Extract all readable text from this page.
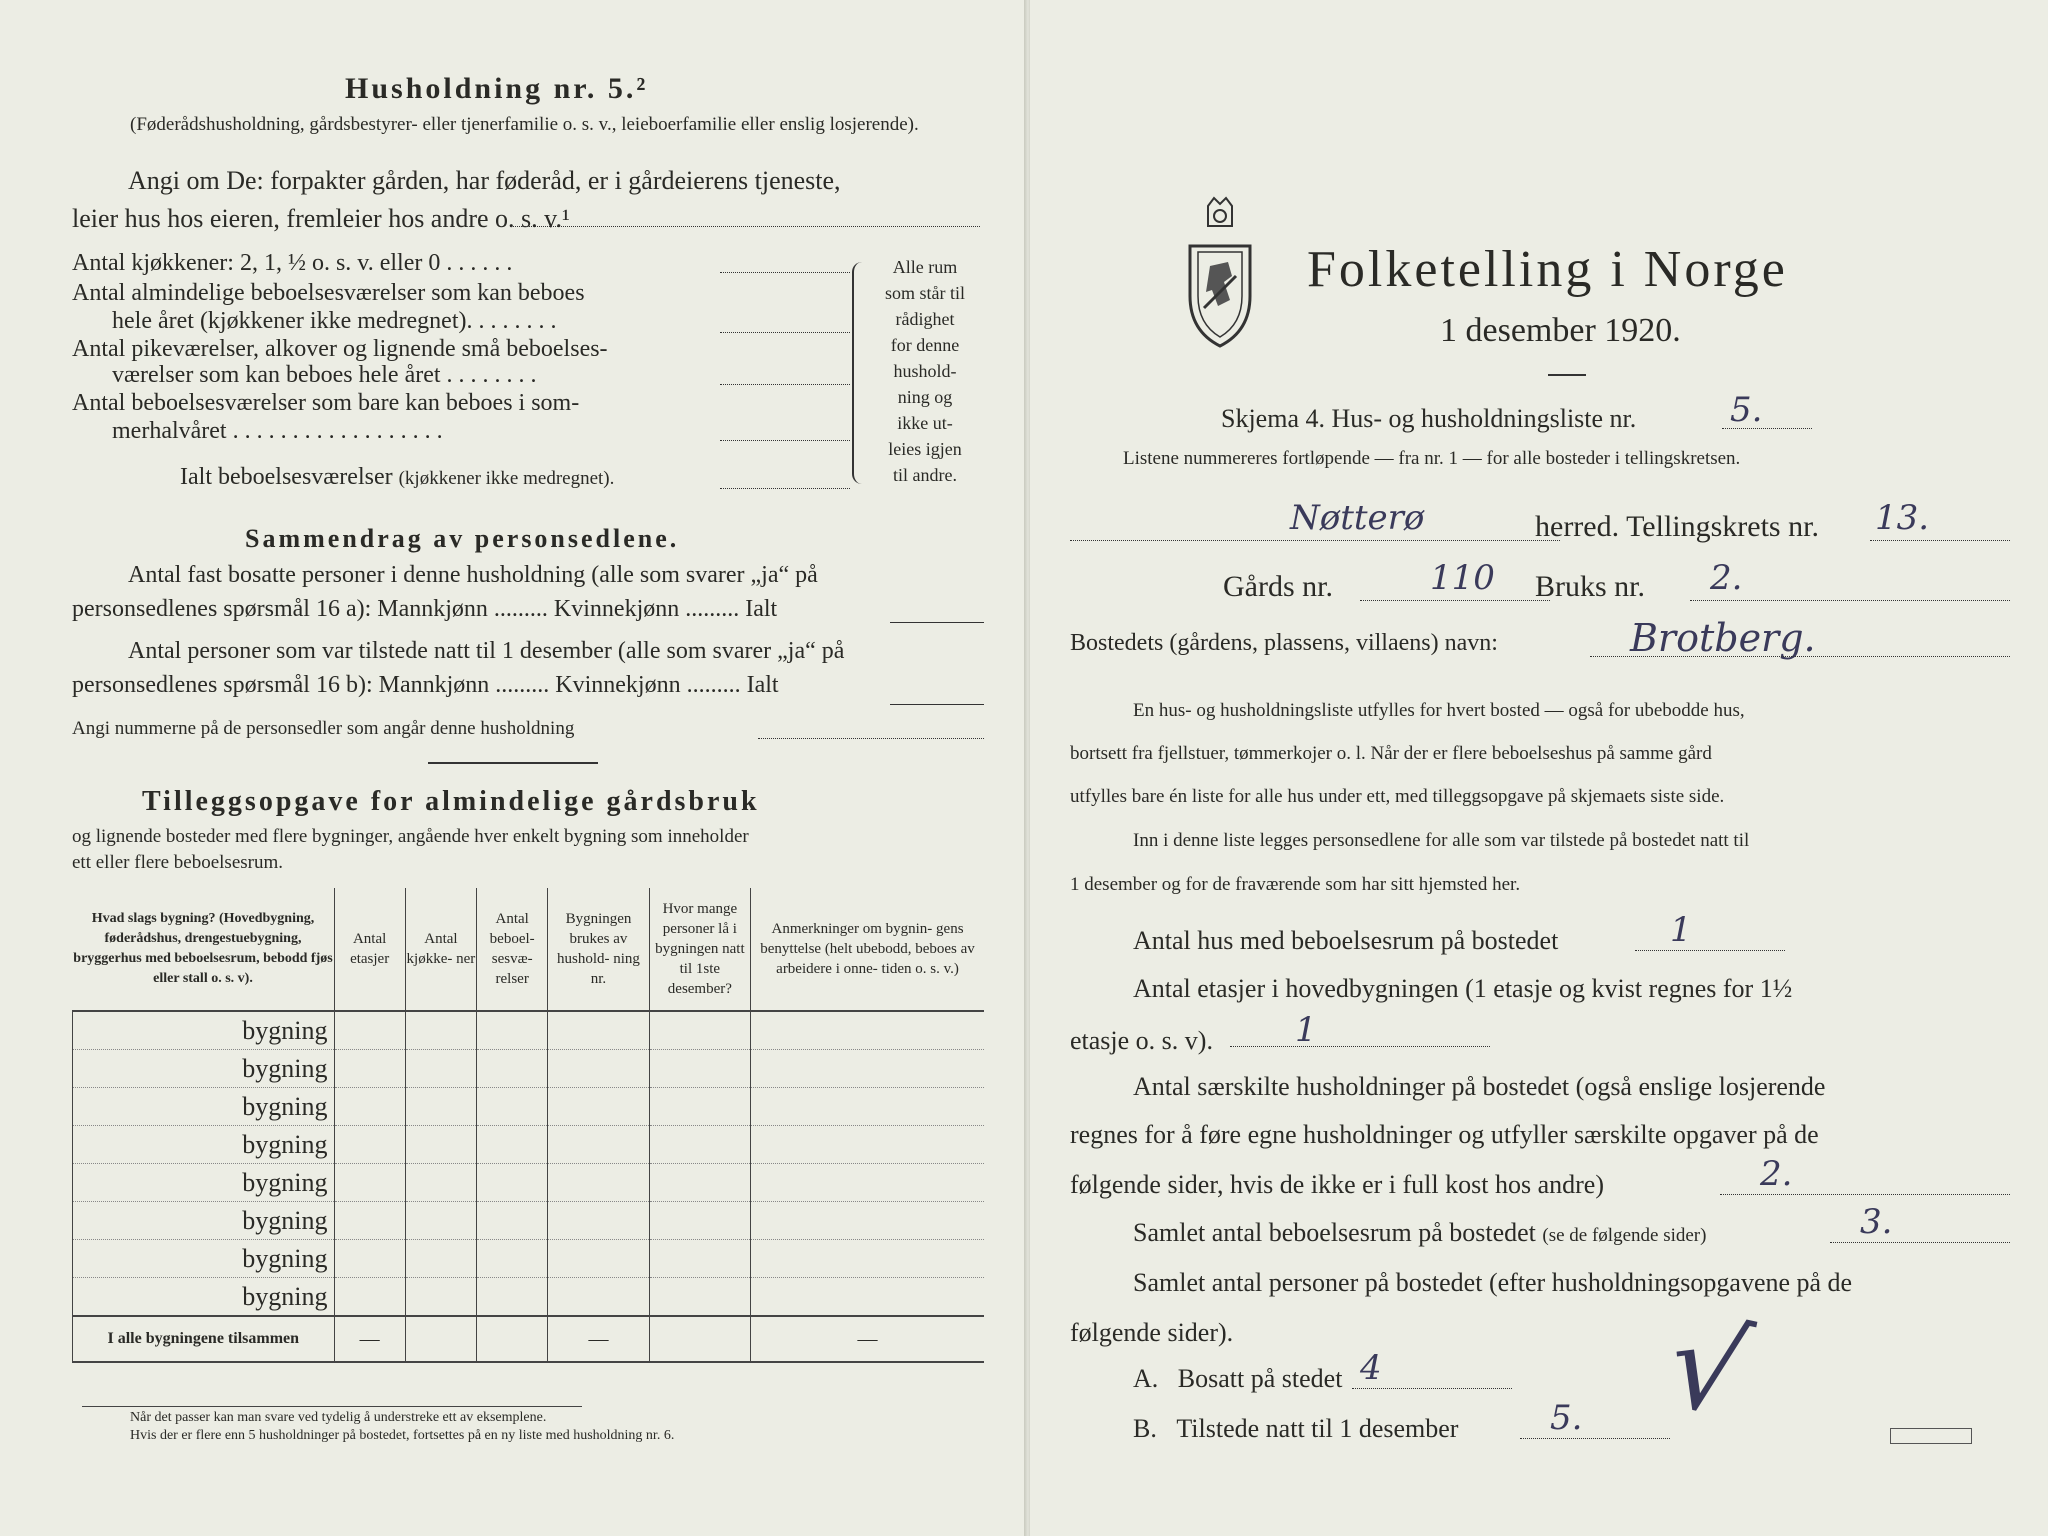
Husholdning nr. 5.²
(Føderådshusholdning, gårdsbestyrer- eller tjenerfamilie o. s. v., leieboerfamilie eller enslig losjerende).
Angi om De: forpakter gården, har føderåd, er i gårdeierens tjeneste,
leier hus hos eieren, fremleier hos andre o. s. v.¹
Antal kjøkkener: 2, 1, ½ o. s. v. eller 0 . . . . . .
Antal almindelige beboelsesværelser som kan beboes
hele året (kjøkkener ikke medregnet). . . . . . . .
Antal pikeværelser, alkover og lignende små beboelses-
værelser som kan beboes hele året . . . . . . . .
Antal beboelsesværelser som bare kan beboes i som-
merhalvåret . . . . . . . . . . . . . . . . . .
Ialt beboelsesværelser (kjøkkener ikke medregnet).
Alle rum
som står til
rådighet
for denne
hushold-
ning og
ikke ut-
leies igjen
til andre.
Sammendrag av personsedlene.
Antal fast bosatte personer i denne husholdning (alle som svarer „ja“ på
personsedlenes spørsmål 16 a): Mannkjønn ......... Kvinnekjønn ......... Ialt
Antal personer som var tilstede natt til 1 desember (alle som svarer „ja“ på
personsedlenes spørsmål 16 b): Mannkjønn ......... Kvinnekjønn ......... Ialt
Angi nummerne på de personsedler som angår denne husholdning
Tilleggsopgave for almindelige gårdsbruk
og lignende bosteder med flere bygninger, angående hver enkelt bygning som inneholder
ett eller flere beboelsesrum.
Hvad slags bygning? (Hovedbygning, føderådshus, drengestuebygning, bryggerhus med beboelsesrum, bebodd fjøs eller stall o. s. v).	Antal etasjer	Antal kjøkke- ner	Antal beboel- sesvæ- relser	Bygningen brukes av hushold- ning nr.	Hvor mange personer lå i bygningen natt til 1ste desember?	Anmerkninger om bygnin- gens benyttelse (helt ubebodd, beboes av arbeidere i onne- tiden o. s. v.)
bygning						
bygning						
bygning						
bygning						
bygning						
bygning						
bygning						
bygning						
I alle bygningene tilsammen	—			—		—
Når det passer kan man svare ved tydelig å understreke ett av eksemplene.
Hvis der er flere enn 5 husholdninger på bostedet, fortsettes på en ny liste med husholdning nr. 6.
Folketelling i Norge
1 desember 1920.
Skjema 4. Hus- og husholdningsliste nr.	5.
Listene nummereres fortløpende — fra nr. 1 — for alle bosteder i tellingskretsen.
Nøtterø	herred. Tellingskrets nr. 13.
Gårds nr.	110 Bruks nr. 2.
Bostedets (gårdens, plassens, villaens) navn:	Brotberg.
En hus- og husholdningsliste utfylles for hvert bosted — også for ubebodde hus,
bortsett fra fjellstuer, tømmerkojer o. l. Når der er flere beboelseshus på samme gård
utfylles bare én liste for alle hus under ett, med tilleggsopgave på skjemaets siste side.
Inn i denne liste legges personsedlene for alle som var tilstede på bostedet natt til
1 desember og for de fraværende som har sitt hjemsted her.
Antal hus med beboelsesrum på bostedet	1
Antal etasjer i hovedbygningen (1 etasje og kvist regnes for 1½
etasje o. s. v). 1
Antal særskilte husholdninger på bostedet (også enslige losjerende
regnes for å føre egne husholdninger og utfyller særskilte opgaver på de
følgende sider, hvis de ikke er i full kost hos andre)	2.
Samlet antal beboelsesrum på bostedet (se de følgende sider)	3.
Samlet antal personer på bostedet (efter husholdningsopgavene på de
følgende sider).
A. Bosatt på stedet 4
B. Tilstede natt til 1 desember	5. √
